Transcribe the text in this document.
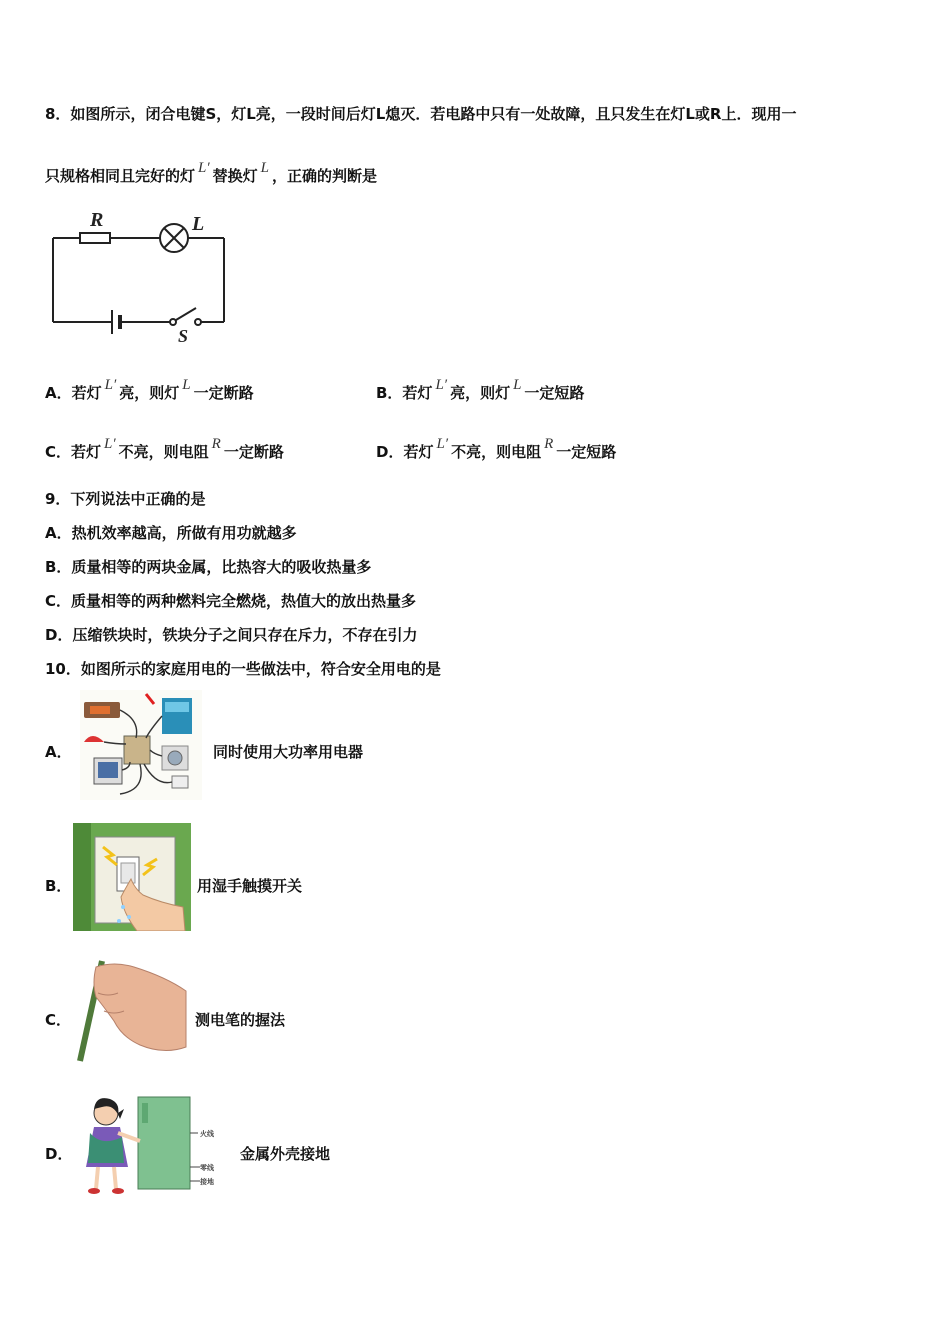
8．如图所示，闭合电键S，灯L亮，一段时间后灯L熄灭．若电路中只有一处故障，且只发生在灯L或R上．现用一
只规格相同且完好的灯 L′ 替换灯 L ，正确的判断是
R	L
S
A．若灯 L′ 亮，则灯 L 一定断路	B．若灯 L′ 亮，则灯 L 一定短路
C．若灯 L′ 不亮，则电阻 R 一定断路	D．若灯 L′ 不亮，则电阻 R 一定短路
9．下列说法中正确的是
A．热机效率越高，所做有用功就越多
B．质量相等的两块金属，比热容大的吸收热量多
C．质量相等的两种燃料完全燃烧，热值大的放出热量多
D．压缩铁块时，铁块分子之间只存在斥力，不存在引力
10．如图所示的家庭用电的一些做法中，符合安全用电的是
A．	同时使用大功率用电器
B．	用湿手触摸开关
C．	测电笔的握法
D．
火线
零线
接地
金属外壳接地
